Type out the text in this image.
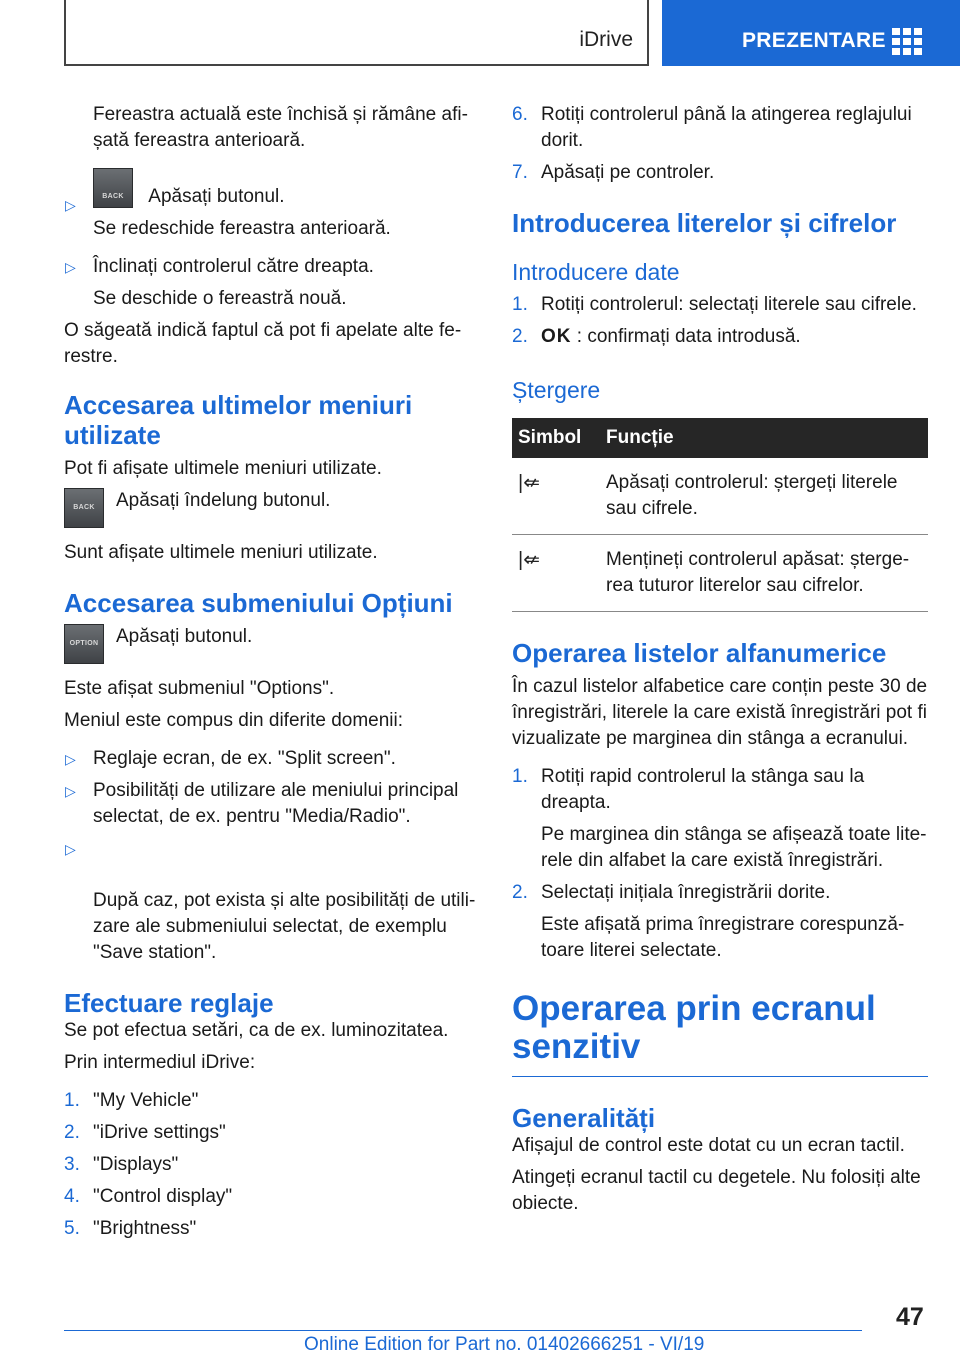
iDrive	PREZENTARE

Fereastra actuală este închisă și rămâne afi-
șată fereastra anterioară.

▷
BACK	Apăsați butonul.

Se redeschide fereastra anterioară.

▷ Înclinați controlerul către dreapta.

Se deschide o fereastră nouă.

O săgeată indică faptul că pot fi apelate alte fe-
restre.

Accesarea ultimelor meniuri utilizate

Pot fi afișate ultimele meniuri utilizate.

BACK	Apăsați îndelung butonul.

Sunt afișate ultimele meniuri utilizate.

Accesarea submeniului Opțiuni
OPTION Apăsați butonul.

Este afișat submeniul "Options".

Meniul este compus din diferite domenii:

▷ Reglaje ecran, de ex. "Split screen".
▷ Posibilități de utilizare ale meniului principal selectat, de ex. pentru "Media/Radio".

▷

După caz, pot exista și alte posibilități de utili-
zare ale submeniului selectat, de exemplu "Save station".

Efectuare reglaje

Se pot efectua setări, ca de ex. luminozitatea.

Prin intermediul iDrive:

1. "My Vehicle"
2. "iDrive settings"
3. "Displays"
4. "Control display"
5. "Brightness"
6. Rotiți controlerul până la atingerea reglajului dorit.
7. Apăsați pe controler.
Introducerea literelor și cifrelor
Introducere date
1. Rotiți controlerul: selectați literele sau cifrele.
2. OK : confirmați data introdusă.
Ștergere
Simbol	Funcție
|⇍	Apăsați controlerul: ștergeți literele sau cifrele.
|⇍	Mențineți controlerul apăsat: șterge-
rea tuturor literelor sau cifrelor.
Operarea listelor alfanumerice

În cazul listelor alfabetice care conțin peste 30 de înregistrări, literele la care există înregistrări pot fi vizualizate pe marginea din stânga a ecranului.

1. Rotiți rapid controlerul la stânga sau la dreapta.

Pe marginea din stânga se afișează toate lite-
rele din alfabet la care există înregistrări.

2. Selectați inițiala înregistrării dorite.

Este afișată prima înregistrare corespunză-
toare literei selectate.

Operarea prin ecranul senzitiv
Generalități

Afișajul de control este dotat cu un ecran tactil.

Atingeți ecranul tactil cu degetele. Nu folosiți alte obiecte.

47
Online Edition for Part no. 01402666251 - VI/19
